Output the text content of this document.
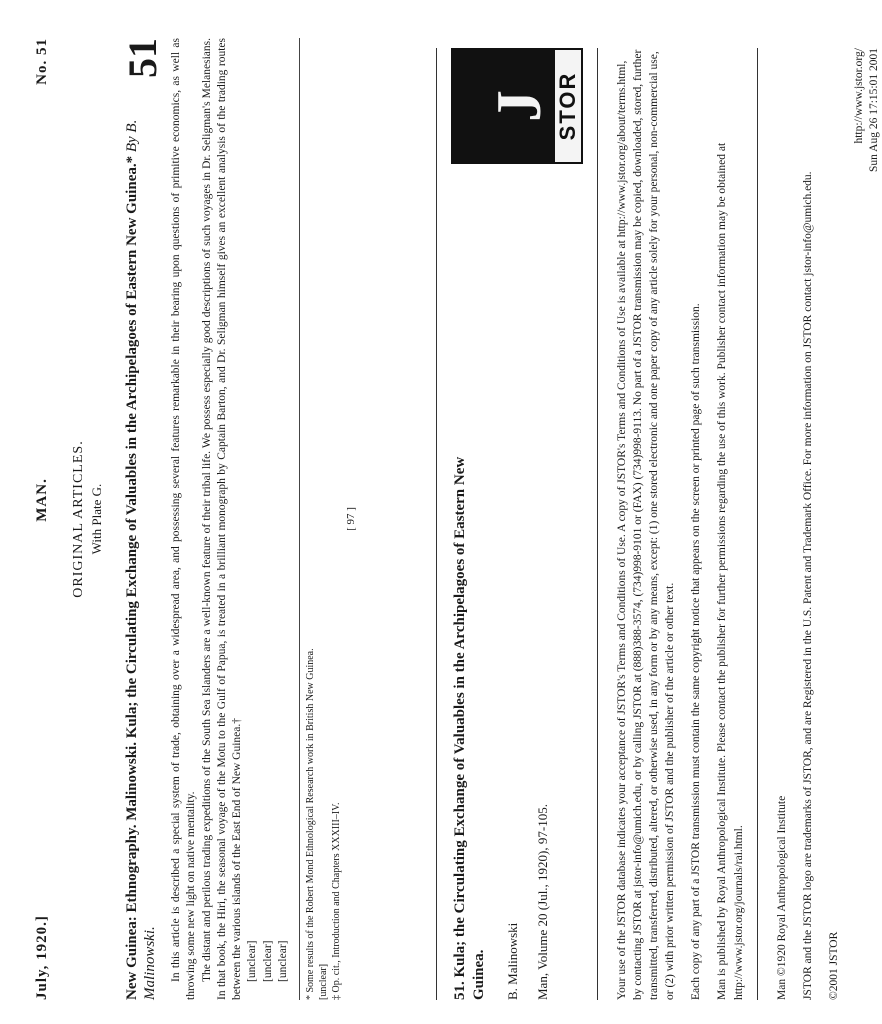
July, 1920.]
MAN.
No. 51
ORIGINAL ARTICLES. With Plate G. New Guinea: Ethnography. Malinowski. Kula; the Circulating Exchange of Valuables in the Archipelagoes of Eastern New Guinea.* By B. Malinowski.
51 In this article is described a special system of trade, obtaining over a widespread area, and possessing several features remarkable in their bearing upon questions of primitive economics, as well as throwing some new light on native mentality. The distant and perilous trading expeditions of the South Sea Islanders are a well-known feature of their tribal life. We possess especially good descriptions of such voyages in Dr. Seligman's Melanesians. In that book, the Hiri, the seasonal voyage of the Motu to the Gulf of Papua, is treated in a brilliant monograph by Captain Barton, and Dr. Seligman himself gives an excellent analysis of the trading routes between the various islands of the East End of New Guinea.† [unclear] [unclear] [unclear] * Some results of the Robert Mond Ethnological Research work in British New Guinea. [unclear] ‡ Op. cit., Introduction and Chapters XXXIII–IV.

[ 97 ]	51. Kula; the Circulating Exchange of Valuables in the Archipelagoes of Eastern New Guinea. B. Malinowski Man, Volume 20 (Jul., 1920), 97-105.
J STOR	Your use of the JSTOR database indicates your acceptance of JSTOR's Terms and Conditions of Use. A copy of JSTOR's Terms and Conditions of Use is available at http://www.jstor.org/about/terms.html, by contacting JSTOR at jstor-info@umich.edu, or by calling JSTOR at (888)388-3574, (734)998-9101 or (FAX) (734)998-9113. No part of a JSTOR transmission may be copied, downloaded, stored, further transmitted, transferred, distributed, altered, or otherwise used, in any form or by any means, except: (1) one stored electronic and one paper copy of any article solely for your personal, non-commercial use, or (2) with prior written permission of JSTOR and the publisher of the article or other text. Each copy of any part of a JSTOR transmission must contain the same copyright notice that appears on the screen or printed page of such transmission. Man is published by Royal Anthropological Institute. Please contact the publisher for further permissions regarding the use of this work. Publisher contact information may be obtained at http://www.jstor.org/journals/rai.html.	Man ©1920 Royal Anthropological Institute JSTOR and the JSTOR logo are trademarks of JSTOR, and are Registered in the U.S. Patent and Trademark Office. For more information on JSTOR contact jstor-info@umich.edu. ©2001 JSTOR

http://www.jstor.org/ Sun Aug 26 17:15:01 2001
